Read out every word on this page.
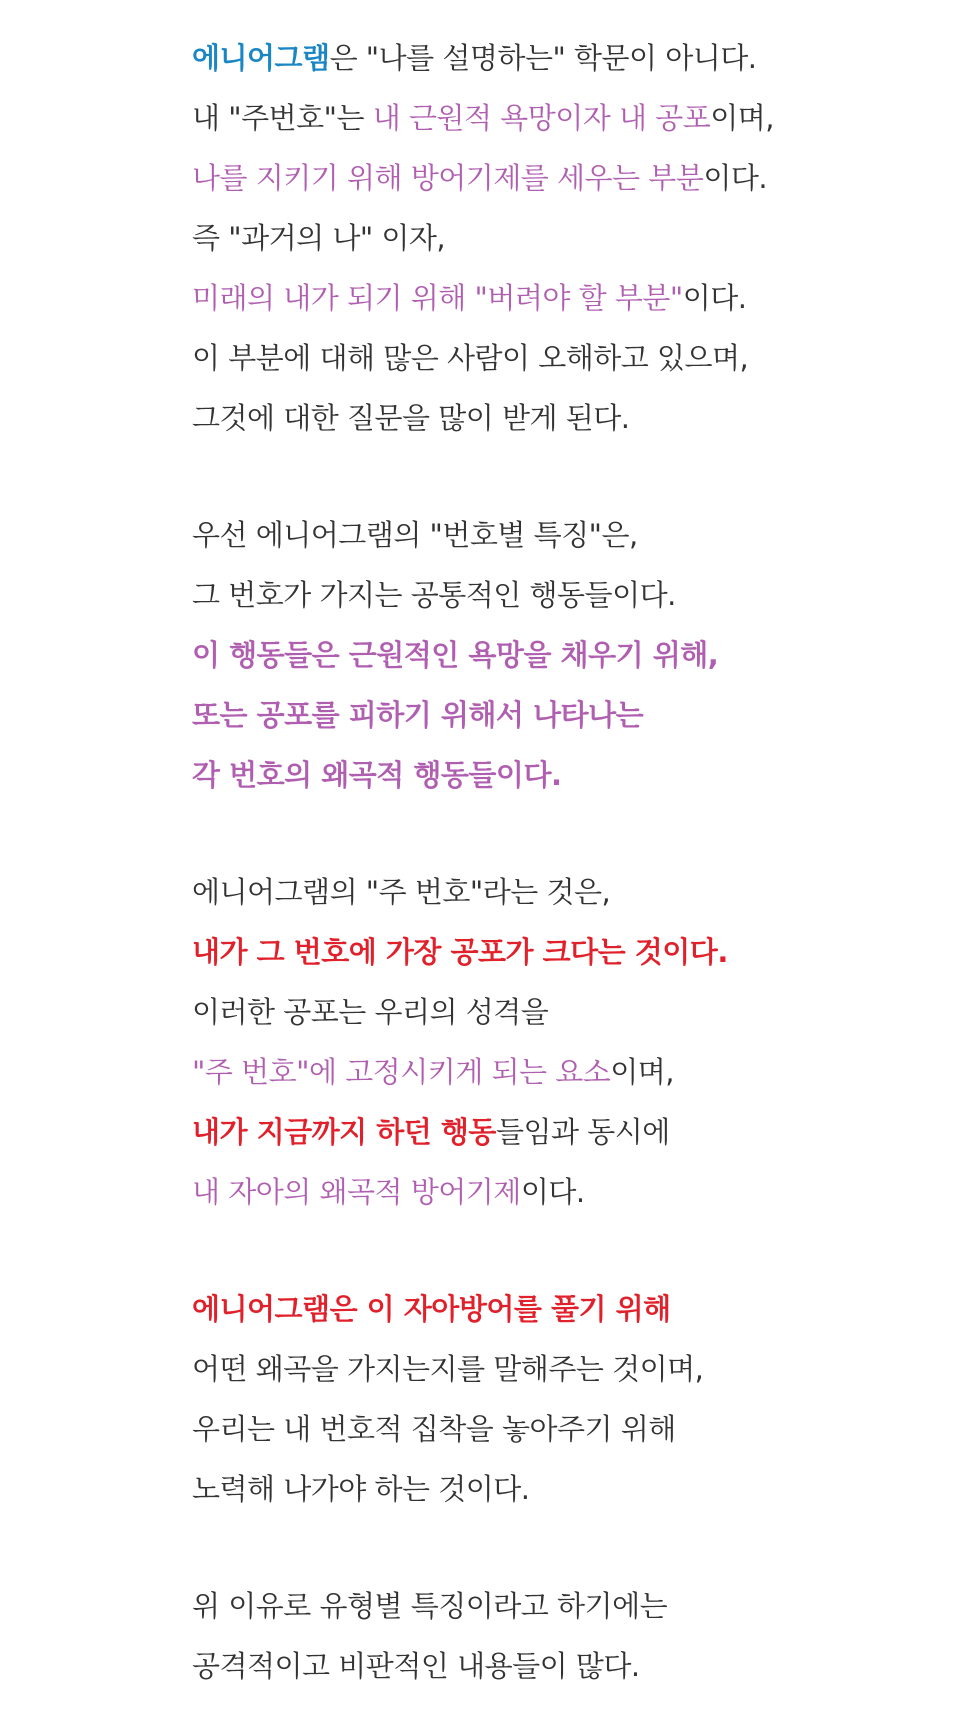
에니어그램은 "나를 설명하는" 학문이 아니다.
내 "주번호"는 내 근원적 욕망이자 내 공포이며,
나를 지키기 위해 방어기제를 세우는 부분이다.
즉 "과거의 나" 이자,
미래의 내가 되기 위해 "버려야 할 부분"이다.
이 부분에 대해 많은 사람이 오해하고 있으며,
그것에 대한 질문을 많이 받게 된다.
우선 에니어그램의 "번호별 특징"은,
그 번호가 가지는 공통적인 행동들이다.
이 행동들은 근원적인 욕망을 채우기 위해,
또는 공포를 피하기 위해서 나타나는
각 번호의 왜곡적 행동들이다.
에니어그램의 "주 번호"라는 것은,
내가 그 번호에 가장 공포가 크다는 것이다.
이러한 공포는 우리의 성격을
"주 번호"에 고정시키게 되는 요소이며,
내가 지금까지 하던 행동들임과 동시에
내 자아의 왜곡적 방어기제이다.
에니어그램은 이 자아방어를 풀기 위해
어떤 왜곡을 가지는지를 말해주는 것이며,
우리는 내 번호적 집착을 놓아주기 위해
노력해 나가야 하는 것이다.
위 이유로 유형별 특징이라고 하기에는
공격적이고 비판적인 내용들이 많다.
